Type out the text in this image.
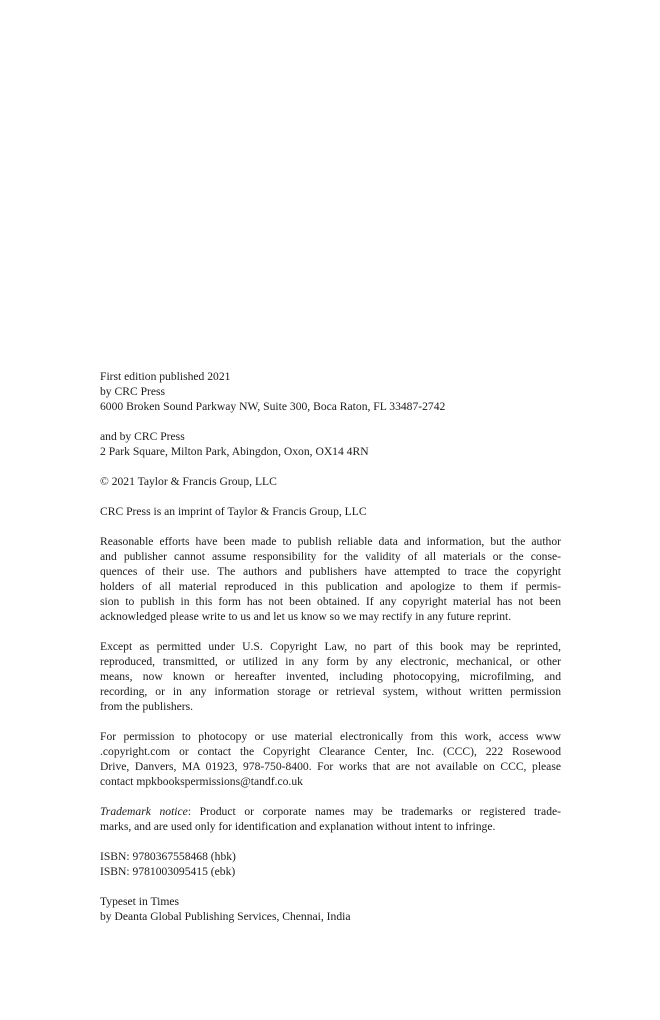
First edition published 2021
by CRC Press
6000 Broken Sound Parkway NW, Suite 300, Boca Raton, FL 33487-2742
and by CRC Press
2 Park Square, Milton Park, Abingdon, Oxon, OX14 4RN
© 2021 Taylor & Francis Group, LLC
CRC Press is an imprint of Taylor & Francis Group, LLC
Reasonable efforts have been made to publish reliable data and information, but the author
and publisher cannot assume responsibility for the validity of all materials or the conse-
quences of their use. The authors and publishers have attempted to trace the copyright
holders of all material reproduced in this publication and apologize to them if permis-
sion to publish in this form has not been obtained. If any copyright material has not been
acknowledged please write to us and let us know so we may rectify in any future reprint.
Except as permitted under U.S. Copyright Law, no part of this book may be reprinted,
reproduced, transmitted, or utilized in any form by any electronic, mechanical, or other
means, now known or hereafter invented, including photocopying, microfilming, and
recording, or in any information storage or retrieval system, without written permission
from the publishers.
For permission to photocopy or use material electronically from this work, access www
.copyright.com or contact the Copyright Clearance Center, Inc. (CCC), 222 Rosewood
Drive, Danvers, MA 01923, 978-750-8400. For works that are not available on CCC, please
contact mpkbookspermissions@tandf.co.uk
Trademark notice: Product or corporate names may be trademarks or registered trade-
marks, and are used only for identification and explanation without intent to infringe.
ISBN: 9780367558468 (hbk)
ISBN: 9781003095415 (ebk)
Typeset in Times
by Deanta Global Publishing Services, Chennai, India
